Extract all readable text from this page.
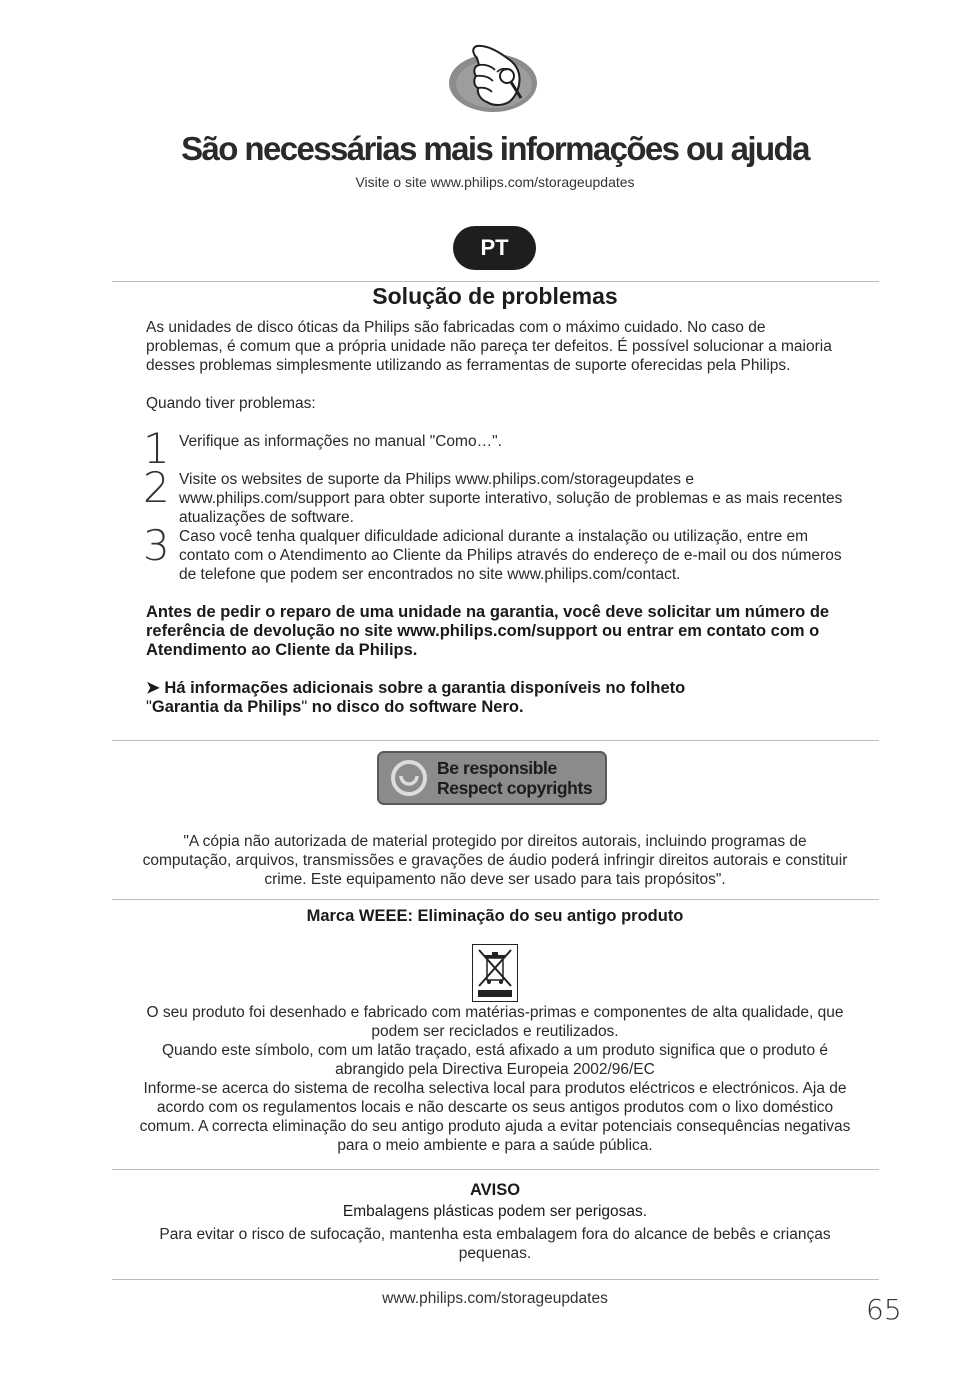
São necessárias mais informações ou ajuda
Visite o site www.philips.com/storageupdates
PT
Solução de problemas
As unidades de disco óticas da Philips são fabricadas com o máximo cuidado. No caso de problemas, é comum que a própria unidade não pareça ter defeitos. É possível solucionar a maioria desses problemas simplesmente utilizando as ferramentas de suporte oferecidas pela Philips.
Quando tiver problemas:
1 Verifique as informações no manual "Como…".
2 Visite os websites de suporte da Philips www.philips.com/storageupdates e www.philips.com/support para obter suporte interativo, solução de problemas e as mais recentes atualizações de software.
3 Caso você tenha qualquer dificuldade adicional durante a instalação ou utilização, entre em contato com o Atendimento ao Cliente da Philips através do endereço de e-mail ou dos números de telefone que podem ser encontrados no site www.philips.com/contact.
Antes de pedir o reparo de uma unidade na garantia, você deve solicitar um número de referência de devolução no site www.philips.com/support ou entrar em contato com o Atendimento ao Cliente da Philips.
➤ Há informações adicionais sobre a garantia disponíveis no folheto
"Garantia da Philips" no disco do software Nero.
Be responsible
Respect copyrights
"A cópia não autorizada de material protegido por direitos autorais, incluindo programas de computação, arquivos, transmissões e gravações de áudio poderá infringir direitos autorais e constituir crime. Este equipamento não deve ser usado para tais propósitos".
Marca WEEE: Eliminação do seu antigo produto
O seu produto foi desenhado e fabricado com matérias-primas e componentes de alta qualidade, que podem ser reciclados e reutilizados.
Quando este símbolo, com um latão traçado, está afixado a um produto significa que o produto é abrangido pela Directiva Europeia 2002/96/EC
Informe-se acerca do sistema de recolha selectiva local para produtos eléctricos e electrónicos. Aja de acordo com os regulamentos locais e não descarte os seus antigos produtos com o lixo doméstico comum. A correcta eliminação do seu antigo produto ajuda a evitar potenciais consequências negativas para o meio ambiente e para a saúde pública.
AVISO
Embalagens plásticas podem ser perigosas.
Para evitar o risco de sufocação, mantenha esta embalagem fora do alcance de bebês e crianças pequenas.
www.philips.com/storageupdates	65
